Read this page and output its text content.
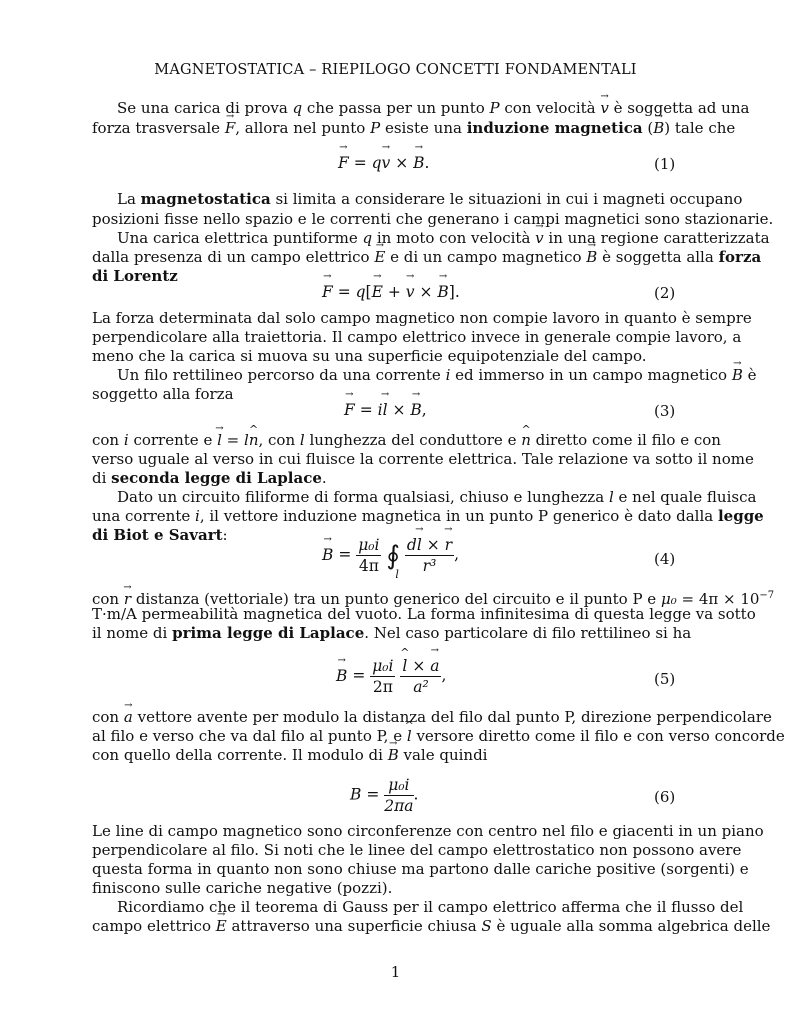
MAGNETOSTATICA – RIEPILOGO CONCETTI FONDAMENTALI
Se una carica di prova q che passa per un punto P con velocità → v è soggetta ad una
forza trasversale → F, allora nel punto P esiste una induzione magnetica (→ B) tale che
→ F = q→ v × → B.	(1)
La magnetostatica si limita a considerare le situazioni in cui i magneti occupano
posizioni fisse nello spazio e le correnti che generano i campi magnetici sono stazionarie.
Una carica elettrica puntiforme q in moto con velocità → v in una regione caratterizzata
dalla presenza di un campo elettrico → E e di un campo magnetico → B è soggetta alla forza
di Lorentz
→ F = q[→ E + → v × → B].	(2)
La forza determinata dal solo campo magnetico non compie lavoro in quanto è sempre
perpendicolare alla traiettoria. Il campo elettrico invece in generale compie lavoro, a
meno che la carica si muova su una superficie equipotenziale del campo.
Un filo rettilineo percorso da una corrente i ed immerso in un campo magnetico → B è
soggetto alla forza
→ F = i→ l × → B,	(3)
con i corrente e → l = l^ n, con l lunghezza del conduttore e ^ n diretto come il filo e con
verso uguale al verso in cui fluisce la corrente elettrica. Tale relazione va sotto il nome
di seconda legge di Laplace.
Dato un circuito filiforme di forma qualsiasi, chiuso e lunghezza l e nel quale fluisca
una corrente i, il vettore induzione magnetica in un punto P generico è dato dalla legge
di Biot e Savart:
→ $B = \frac{\text{μ₀i}}{4\pi}$ ∮
l
$\frac{d\to l \times \to r}{\text{r³}}$ ,	(4)
con → r distanza (vettoriale) tra un punto generico del circuito e il punto P e $\mu_0 = 4\pi \times 10^{-7}$
T·m/A permeabilità magnetica del vuoto. La forma infinitesima di questa legge va sotto
il nome di prima legge di Laplace. Nel caso particolare di filo rettilineo si ha
→ $B = \frac{\text{μ₀i}}{2\pi}$

^ $\frac{l \times \to a}{\text{a²}}$ ,	(5)
con → a vettore avente per modulo la distanza del filo dal punto P, direzione perpendicolare
al filo e verso che va dal filo al punto P, e ^ l versore diretto come il filo e con verso concorde
con quello della corrente. Il modulo di → B vale quindi
$B = \frac{\text{μ₀i}}{2\pi a}$ .	(6)
Le line di campo magnetico sono circonferenze con centro nel filo e giacenti in un piano
perpendicolare al filo. Si noti che le linee del campo elettrostatico non possono avere
questa forma in quanto non sono chiuse ma partono dalle cariche positive (sorgenti) e
finiscono sulle cariche negative (pozzi).
Ricordiamo che il teorema di Gauss per il campo elettrico afferma che il flusso del
campo elettrico → E attraverso una superficie chiusa S è uguale alla somma algebrica delle
1
